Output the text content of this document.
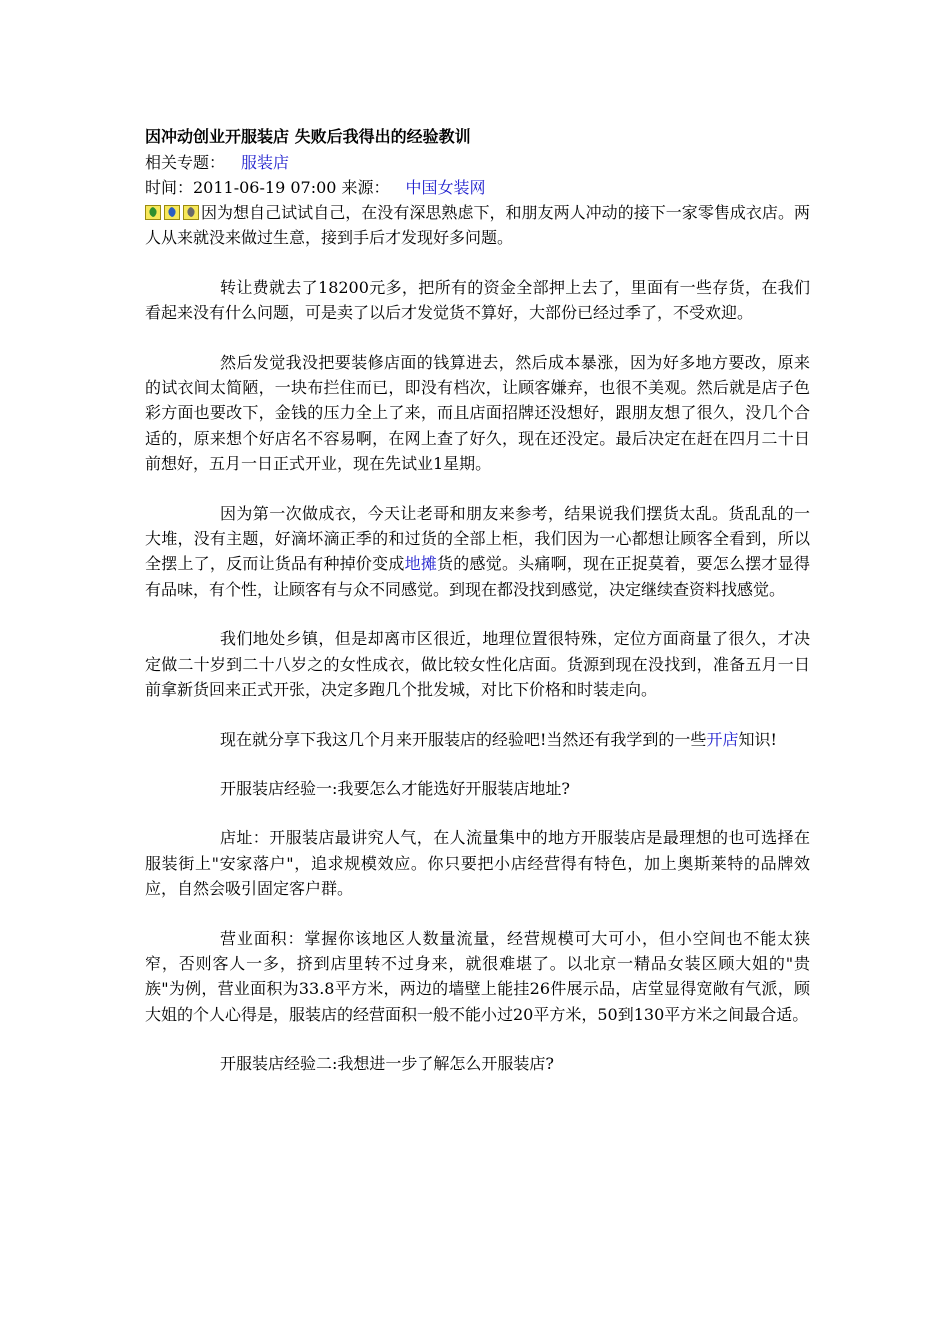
因冲动创业开服装店 失败后我得出的经验教训

相关专题： 服装店

时间：2011-06-19 07:00 来源： 中国女装网

因为想自己试试自己，在没有深思熟虑下，和朋友两人冲动的接下一家零售成衣店。两人从来就没来做过生意，接到手后才发现好多问题。

转让费就去了18200元多，把所有的资金全部押上去了，里面有一些存货，在我们看起来没有什么问题，可是卖了以后才发觉货不算好，大部份已经过季了，不受欢迎。

然后发觉我没把要装修店面的钱算进去，然后成本暴涨，因为好多地方要改，原来的试衣间太简陋，一块布拦住而已，即没有档次，让顾客嫌弃，也很不美观。然后就是店子色彩方面也要改下，金钱的压力全上了来，而且店面招牌还没想好，跟朋友想了很久，没几个合适的，原来想个好店名不容易啊，在网上查了好久，现在还没定。最后决定在赶在四月二十日前想好，五月一日正式开业，现在先试业1星期。

因为第一次做成衣，今天让老哥和朋友来参考，结果说我们摆货太乱。货乱乱的一大堆，没有主题，好滴坏滴正季的和过货的全部上柜，我们因为一心都想让顾客全看到，所以全摆上了，反而让货品有种掉价变成地摊货的感觉。头痛啊，现在正捉莫着，要怎么摆才显得有品味，有个性，让顾客有与众不同感觉。到现在都没找到感觉，决定继续查资料找感觉。

我们地处乡镇，但是却离市区很近，地理位置很特殊，定位方面商量了很久，才决定做二十岁到二十八岁之的女性成衣，做比较女性化店面。货源到现在没找到，准备五月一日前拿新货回来正式开张，决定多跑几个批发城，对比下价格和时装走向。

现在就分享下我这几个月来开服装店的经验吧!当然还有我学到的一些开店知识!

开服装店经验一:我要怎么才能选好开服装店地址?

店址：开服装店最讲究人气，在人流量集中的地方开服装店是最理想的也可选择在服装街上"安家落户"，追求规模效应。你只要把小店经营得有特色，加上奥斯莱特的品牌效应，自然会吸引固定客户群。

营业面积：掌握你该地区人数量流量，经营规模可大可小，但小空间也不能太狭窄，否则客人一多，挤到店里转不过身来，就很难堪了。以北京一精品女装区顾大姐的"贵族"为例，营业面积为33.8平方米，两边的墙壁上能挂26件展示品，店堂显得宽敞有气派，顾大姐的个人心得是，服装店的经营面积一般不能小过20平方米，50到130平方米之间最合适。

开服装店经验二:我想进一步了解怎么开服装店?
